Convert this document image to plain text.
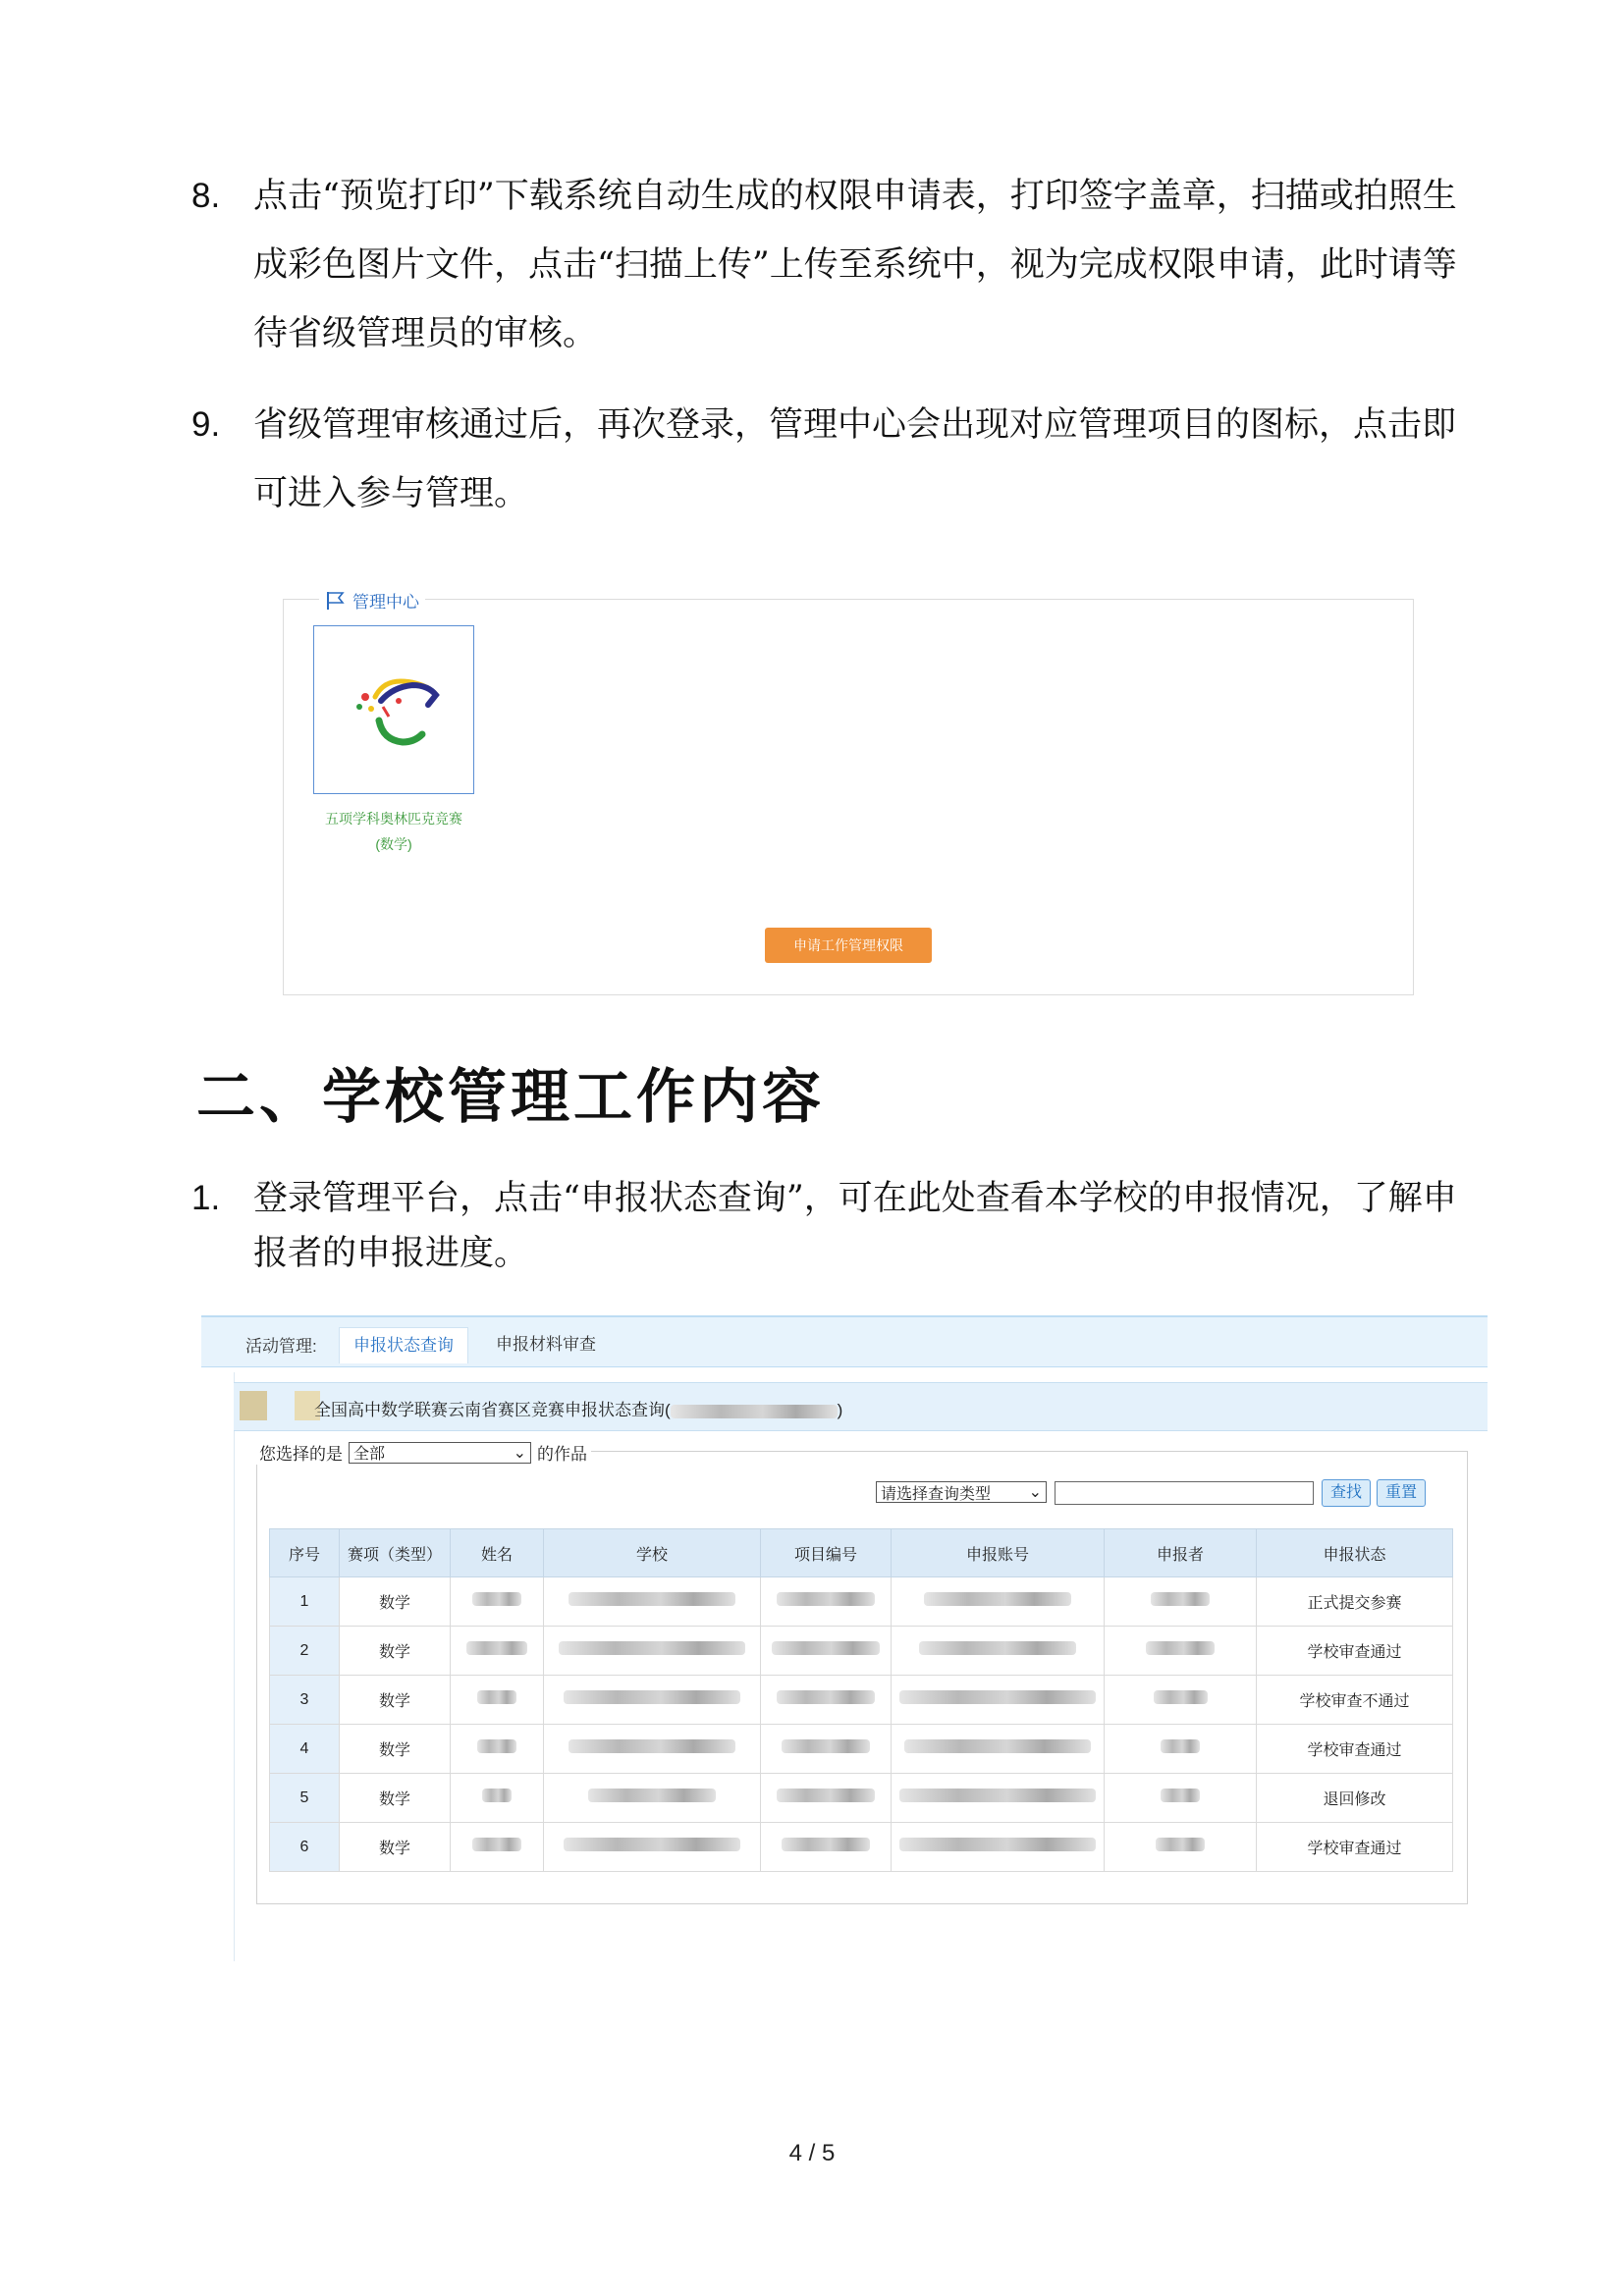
8. 点击“预览打印”下载系统自动生成的权限申请表，打印签字盖章，扫描或拍照生成彩色图片文件，点击“扫描上传”上传至系统中，视为完成权限申请，此时请等待省级管理员的审核。
9. 省级管理审核通过后，再次登录，管理中心会出现对应管理项目的图标，点击即可进入参与管理。
管理中心
五项学科奥林匹克竞赛
(数学)
申请工作管理权限
二、学校管理工作内容
1. 登录管理平台，点击“申报状态查询”，可在此处查看本学校的申报情况，了解申报者的申报进度。
活动管理:	申报状态查询	申报材料审查
全国高中数学联赛云南省赛区竞赛申报状态查询(	)
您选择的是 全部	⌄ 的作品
请选择查询类型 ⌄	查找	重置
序号	赛项（类型）	姓名	学校	项目编号	申报账号	申报者	申报状态
1	数学						正式提交参赛
2	数学						学校审查通过
3	数学						学校审查不通过
4	数学						学校审查通过
5	数学						退回修改
6	数学						学校审查通过
4 / 5
